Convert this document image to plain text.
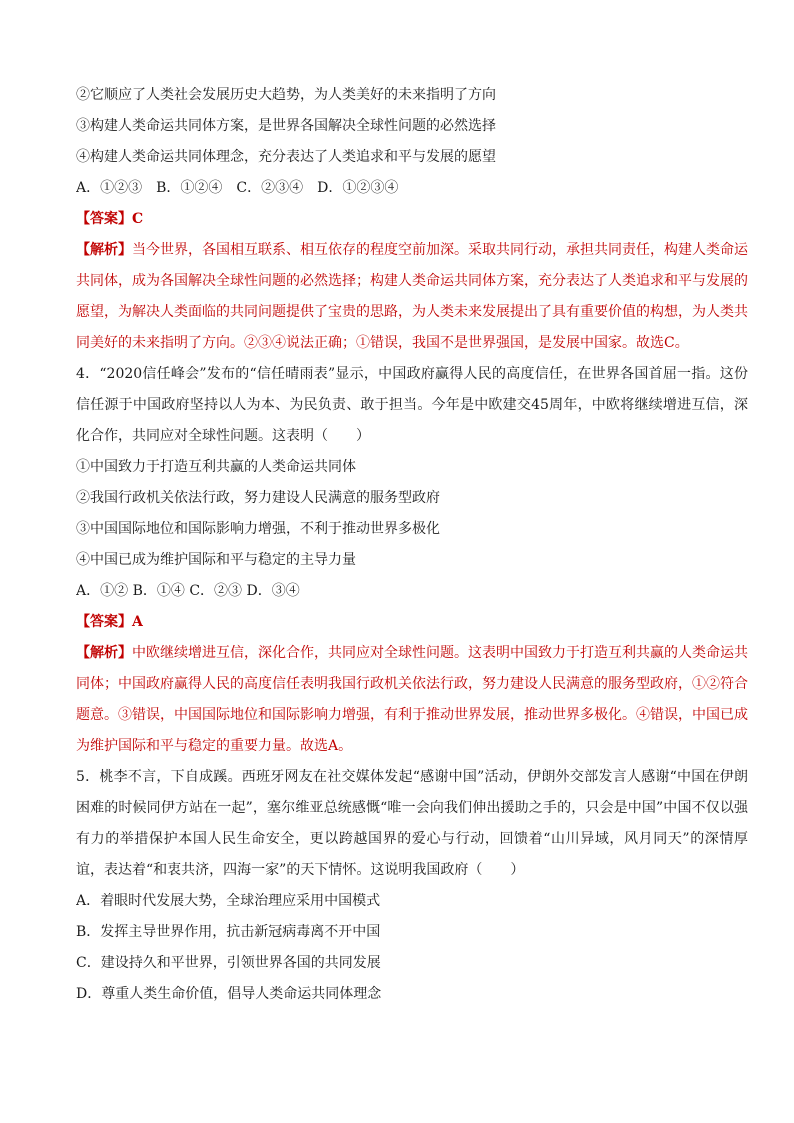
②它顺应了人类社会发展历史大趋势，为人类美好的未来指明了方向
③构建人类命运共同体方案，是世界各国解决全球性问题的必然选择
④构建人类命运共同体理念，充分表达了人类追求和平与发展的愿望
A．①②③ B．①②④ C．②③④ D．①②③④
【答案】C
【解析】当今世界，各国相互联系、相互依存的程度空前加深。采取共同行动，承担共同责任，构建人类命运共同体，成为各国解决全球性问题的必然选择；构建人类命运共同体方案，充分表达了人类追求和平与发展的愿望，为解决人类面临的共同问题提供了宝贵的思路，为人类未来发展提出了具有重要价值的构想，为人类共同美好的未来指明了方向。②③④说法正确；①错误，我国不是世界强国，是发展中国家。故选C。
4．“2020信任峰会”发布的“信任晴雨表”显示，中国政府赢得人民的高度信任，在世界各国首屈一指。这份信任源于中国政府坚持以人为本、为民负责、敢于担当。今年是中欧建交45周年，中欧将继续增进互信，深化合作，共同应对全球性问题。这表明（　　）
①中国致力于打造互利共赢的人类命运共同体
②我国行政机关依法行政，努力建设人民满意的服务型政府
③中国国际地位和国际影响力增强，不利于推动世界多极化
④中国已成为维护国际和平与稳定的主导力量
A．①② B．①④ C．②③ D．③④
【答案】A
【解析】中欧继续增进互信，深化合作，共同应对全球性问题。这表明中国致力于打造互利共赢的人类命运共同体；中国政府赢得人民的高度信任表明我国行政机关依法行政，努力建设人民满意的服务型政府，①②符合题意。③错误，中国国际地位和国际影响力增强，有利于推动世界发展，推动世界多极化。④错误，中国已成为维护国际和平与稳定的重要力量。故选A。
5．桃李不言，下自成蹊。西班牙网友在社交媒体发起“感谢中国”活动，伊朗外交部发言人感谢“中国在伊朗困难的时候同伊方站在一起”，塞尔维亚总统感慨“唯一会向我们伸出援助之手的，只会是中国”中国不仅以强有力的举措保护本国人民生命安全，更以跨越国界的爱心与行动，回馈着“山川异域，风月同天”的深情厚谊，表达着“和衷共济，四海一家”的天下情怀。这说明我国政府（　　）
A．着眼时代发展大势，全球治理应采用中国模式
B．发挥主导世界作用，抗击新冠病毒离不开中国
C．建设持久和平世界，引领世界各国的共同发展
D．尊重人类生命价值，倡导人类命运共同体理念
